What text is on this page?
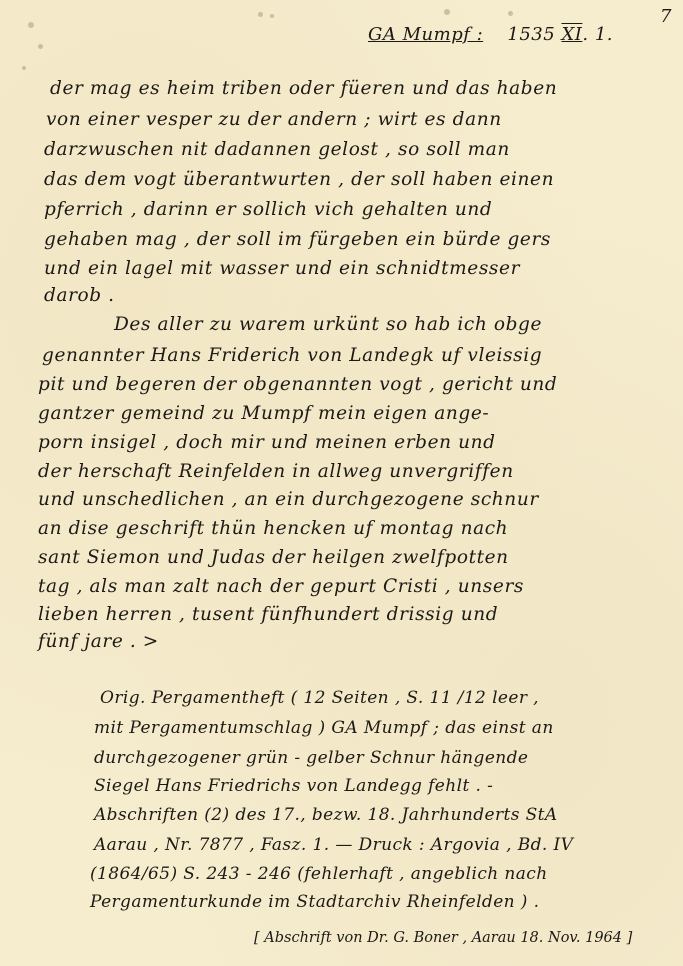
GA Mumpf : 1535 XI. 1.
7
der mag es heim triben oder füeren und das haben
von einer vesper zu der andern ; wirt es dann
darzwuschen nit dadannen gelost , so soll man
das dem vogt überantwurten , der soll haben einen
pferrich , darinn er sollich vich gehalten und
gehaben mag , der soll im fürgeben ein bürde gers
und ein lagel mit wasser und ein schnidtmesser
darob .
Des aller zu warem urkünt so hab ich obge
genannter Hans Friderich von Landegk uf vleissig
pit und begeren der obgenannten vogt , gericht und
gantzer gemeind zu Mumpf mein eigen ange-
porn insigel , doch mir und meinen erben und
der herschaft Reinfelden in allweg unvergriffen
und unschedlichen , an ein durchgezogene schnur
an dise geschrift thün hencken uf montag nach
sant Siemon und Judas der heilgen zwelfpotten
tag , als man zalt nach der gepurt Cristi , unsers
lieben herren , tusent fünfhundert drissig und
fünf jare . >
Orig. Pergamentheft ( 12 Seiten , S. 11 /12 leer ,
mit Pergamentumschlag ) GA Mumpf ; das einst an
durchgezogener grün - gelber Schnur hängende
Siegel Hans Friedrichs von Landegg fehlt . -
Abschriften (2) des 17., bezw. 18. Jahrhunderts StA
Aarau , Nr. 7877 , Fasz. 1. — Druck : Argovia , Bd. IV
(1864/65) S. 243 - 246 (fehlerhaft , angeblich nach
Pergamenturkunde im Stadtarchiv Rheinfelden ) .
[ Abschrift von Dr. G. Boner , Aarau 18. Nov. 1964 ]
